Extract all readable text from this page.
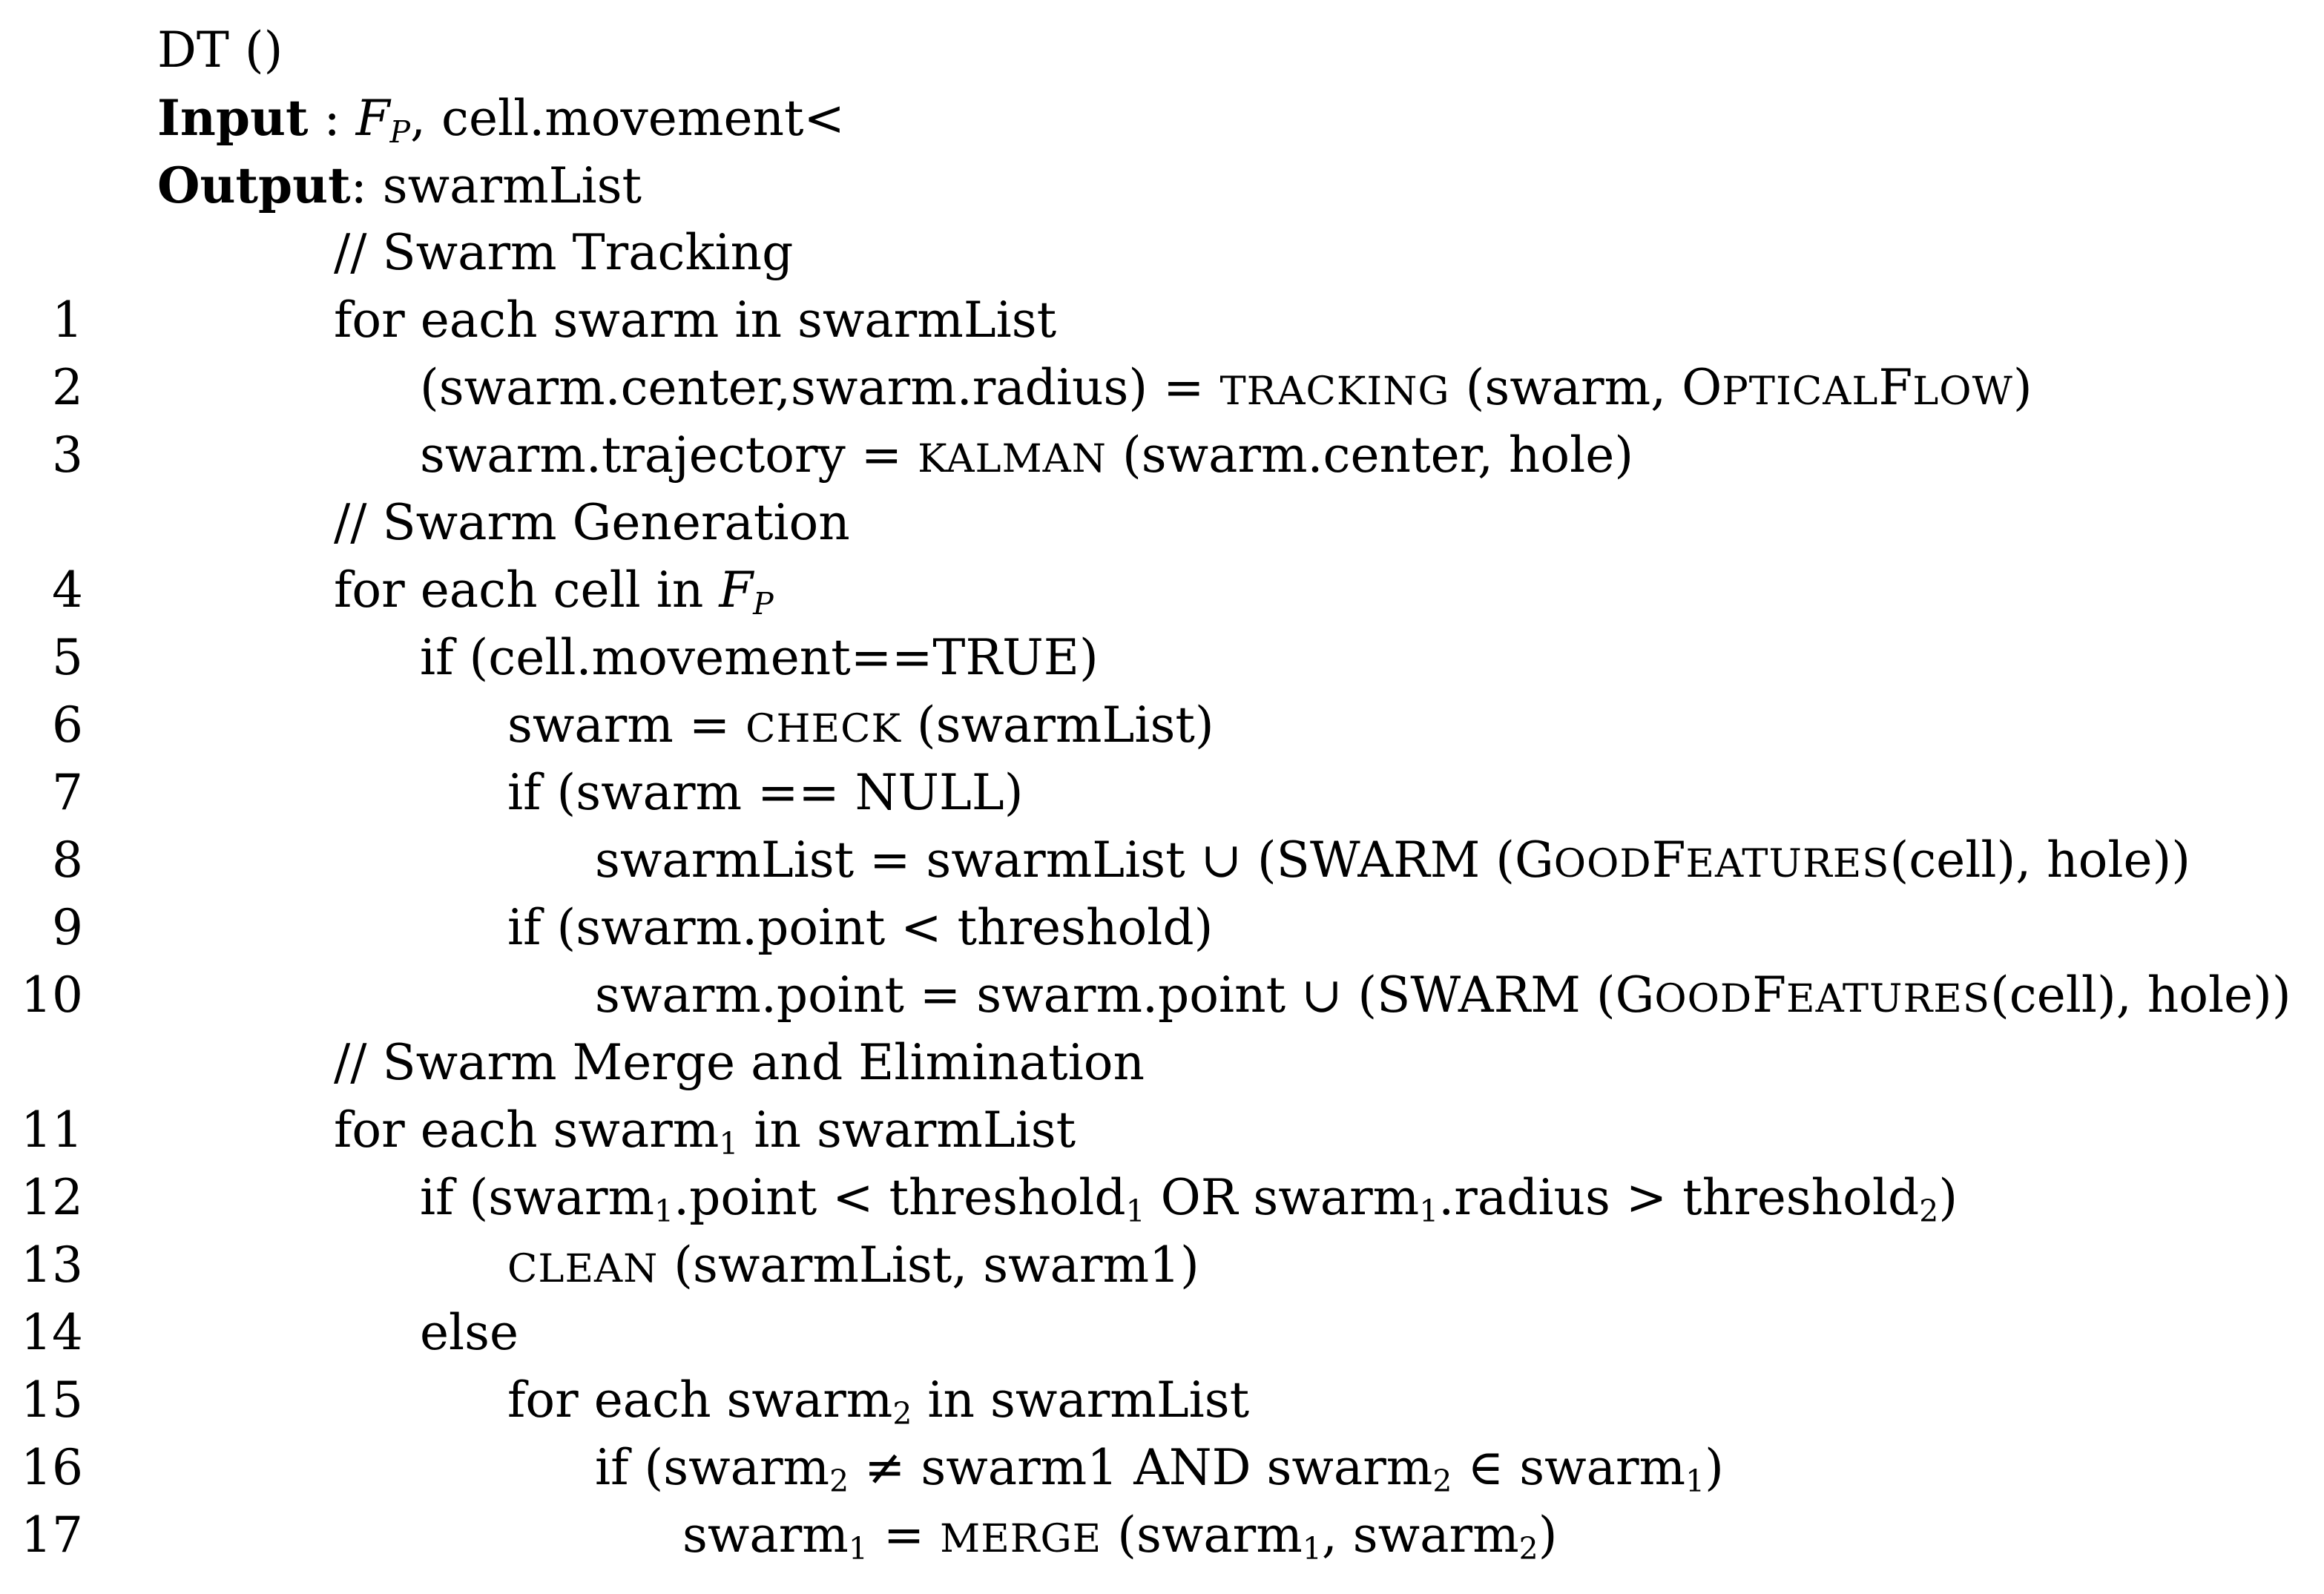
DT ()
Input : $F_P$, cell.movement<
Output: swarmList
// Swarm Tracking
1	for each swarm in swarmList
2	(swarm.center,swarm.radius) = TRACKING (swarm, OPTICALFLOW)
3	swarm.trajectory = KALMAN (swarm.center, hole)
// Swarm Generation
4	for each cell in $F_P$
5	if (cell.movement==TRUE)
6	swarm = CHECK (swarmList)
7	if (swarm == NULL)
8	swarmList = swarmList ∪ (SWARM (GOODFEATURES(cell), hole))
9	if (swarm.point < threshold)
10	swarm.point = swarm.point ∪ (SWARM (GOODFEATURES(cell), hole))
// Swarm Merge and Elimination
11	for each swarm$_1$ in swarmList
12	if (swarm$_1$.point < threshold$_1$ OR swarm$_1$.radius > threshold$_2$)
13	CLEAN (swarmList, swarm1)
14	else
15	for each swarm$_2$ in swarmList
16	if (swarm$_2$ ≠ swarm1 AND swarm$_2$ ∈ swarm$_1$)
17	swarm$_1$ = MERGE (swarm$_1$, swarm$_2$)
